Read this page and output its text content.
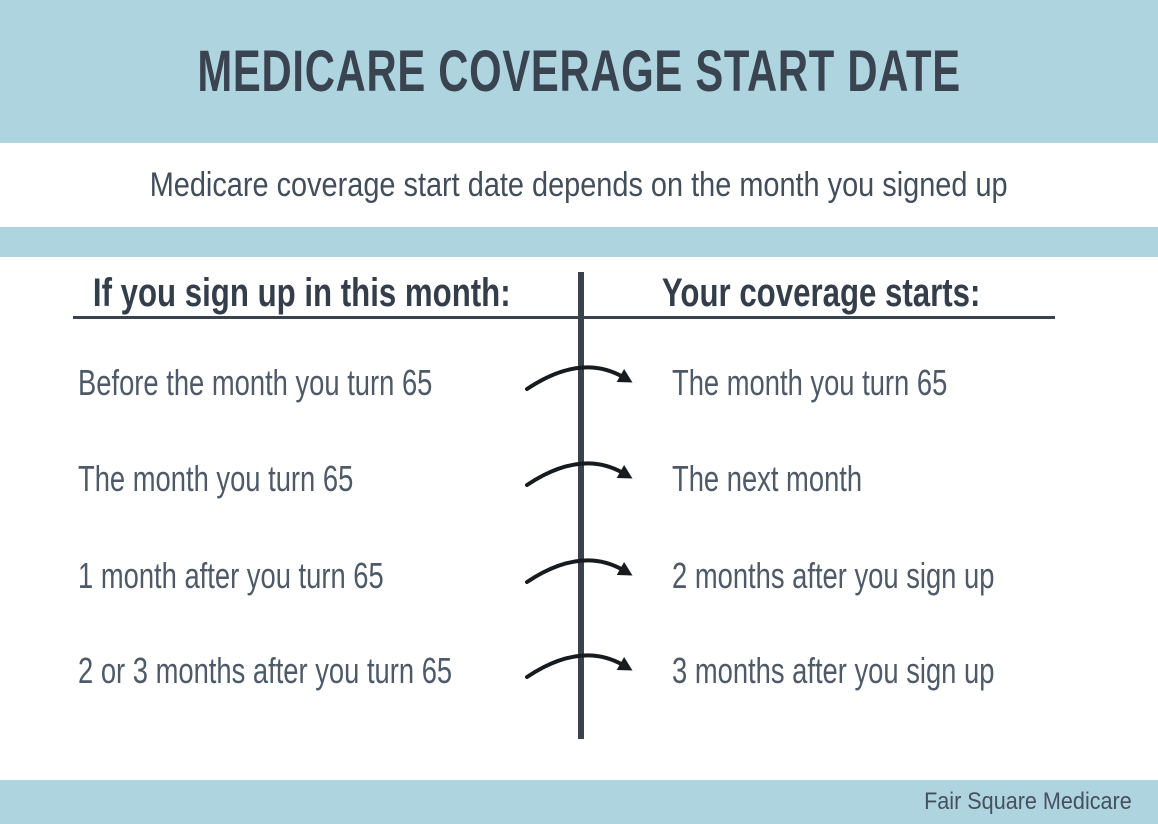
MEDICARE COVERAGE START DATE
Medicare coverage start date depends on the month you signed up
If you sign up in this month:	Your coverage starts:
Before the month you turn 65	The month you turn 65
The month you turn 65	The next month
1 month after you turn 65	2 months after you sign up
2 or 3 months after you turn 65	3 months after you sign up
Fair Square Medicare
